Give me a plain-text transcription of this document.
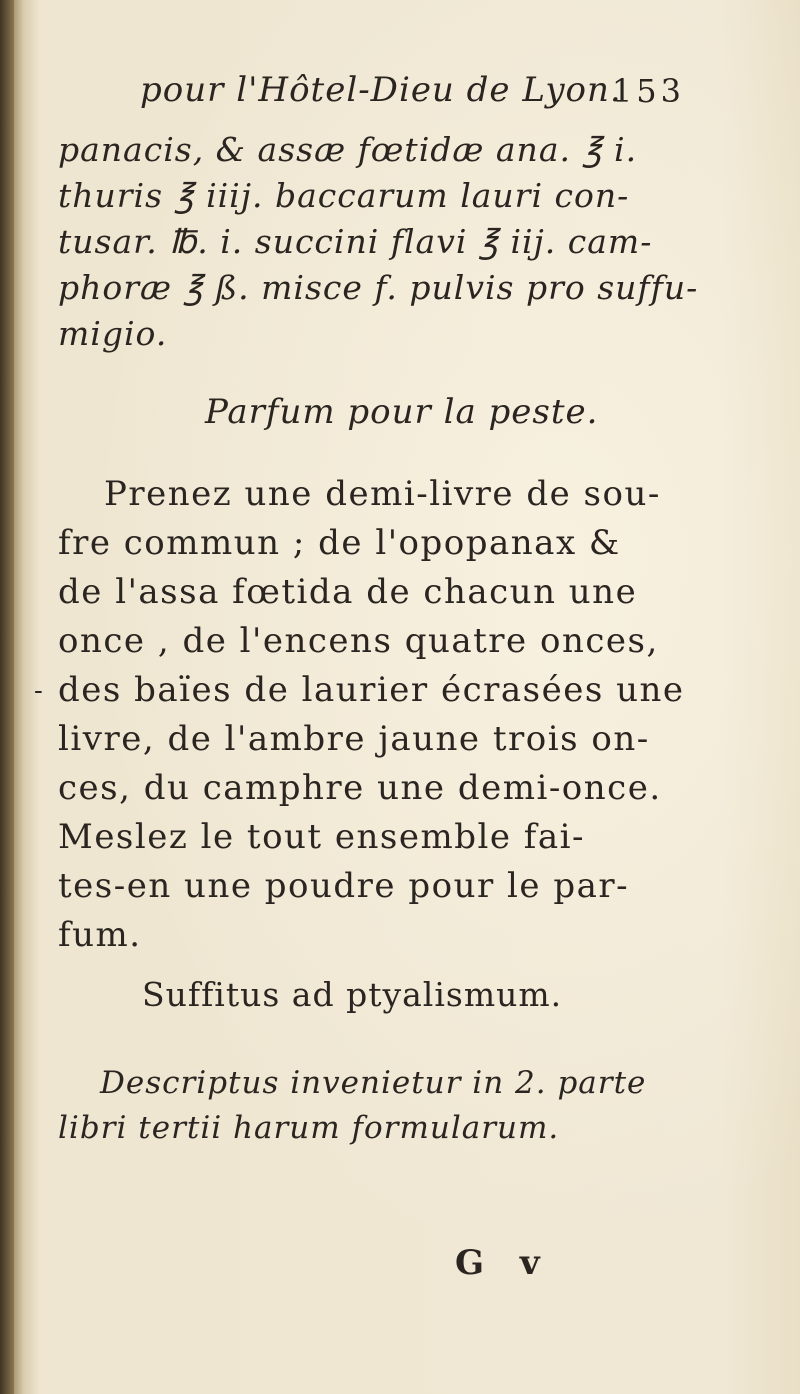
pour l'Hôtel-Dieu de Lyon.
153
panacis, & assæ fœtidæ ana. ℥ i.
thuris ℥ iiij. baccarum lauri con-
tusar. ℔. i. succini flavi ℥ iij. cam-
phoræ ℥ ß. misce f. pulvis pro suffu-
migio.
Parfum pour la peste.
Prenez une demi-livre de sou-
fre commun ; de l'opopanax &
de l'assa fœtida de chacun une
once , de l'encens quatre onces,
des baïes de laurier écrasées une
livre, de l'ambre jaune trois on-
ces, du camphre une demi-once.
Meslez le tout ensemble fai-
tes-en une poudre pour le par-
fum.
Suffitus ad ptyalismum.
Descriptus invenietur in 2. parte
libri tertii harum formularum.
G v
-
